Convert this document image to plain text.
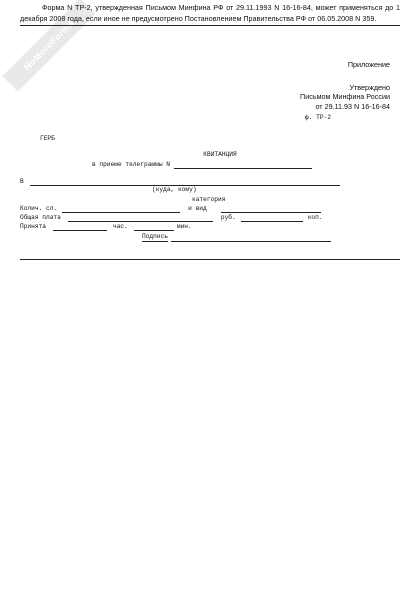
NoMoreForms
Форма N ТР-2, утвержденная Письмом Минфина РФ от 29.11.1993 N 16-16-84, может применяться до 1 декабря 2008 года, если иное не предусмотрено Постановлением Правительства РФ от 06.05.2008 N 359.
Приложение
Утверждено
Письмом Минфина России
от 29.11.93 N 16-16-84
ф. ТР-2
ГЕРБ
КВИТАНЦИЯ
в приеме телеграммы N
В
(куда, кому)
категория
Колич. сл.	и вид
Общая плата	руб.	коп.
Принята	час.	мин.
Подпись
